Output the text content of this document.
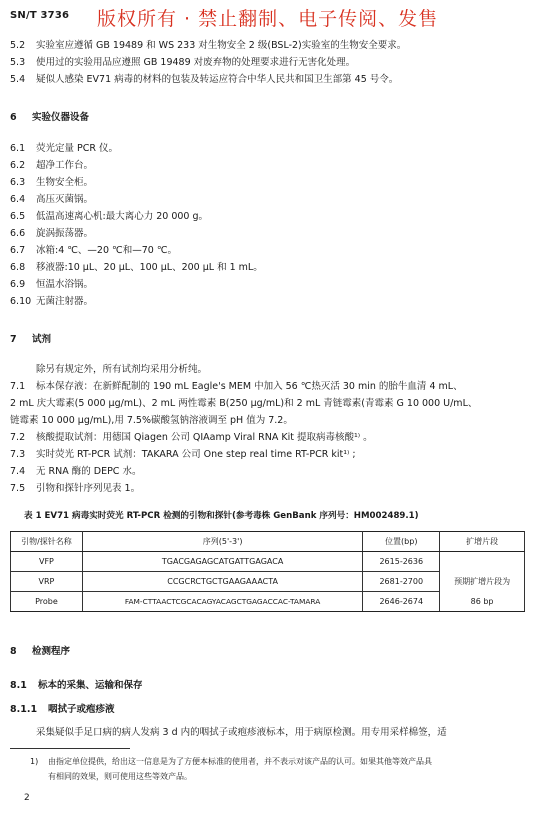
SN/T 3736 版权所有 · 禁止翻制、电子传阅、发售
5.2 实验室应遵循 GB 19489 和 WS 233 对生物安全 2 级(BSL-2)实验室的生物安全要求。
5.3 使用过的实验用品应遵照 GB 19489 对废弃物的处理要求进行无害化处理。
5.4 疑似人感染 EV71 病毒的材料的包装及转运应符合中华人民共和国卫生部第 45 号令。
6 实验仪器设备
6.1 荧光定量 PCR 仪。
6.2 超净工作台。
6.3 生物安全柜。
6.4 高压灭菌锅。
6.5 低温高速离心机:最大离心力 20 000 g。
6.6 旋涡振荡器。
6.7 冰箱:4 ℃、—20 ℃和—70 ℃。
6.8 移液器:10 μL、20 μL、100 μL、200 μL 和 1 mL。
6.9 恒温水浴锅。
6.10 无菌注射器。
7 试剂
除另有规定外，所有试剂均采用分析纯。
7.1 标本保存液：在新鲜配制的 190 mL Eagle's MEM 中加入 56 ℃热灭活 30 min 的胎牛血清 4 mL、
2 mL 庆大霉素(5 000 μg/mL)、2 mL 两性霉素 B(250 μg/mL)和 2 mL 青链霉素(青霉素 G 10 000 U/mL、
链霉素 10 000 μg/mL),用 7.5%碳酸氢钠溶液调至 pH 值为 7.2。
7.2 核酸提取试剂：用德国 Qiagen 公司 QIAamp Viral RNA Kit 提取病毒核酸¹⁾ 。
7.3 实时荧光 RT-PCR 试剂：TAKARA 公司 One step real time RT-PCR kit¹⁾ ;
7.4 无 RNA 酶的 DEPC 水。
7.5 引物和探针序列见表 1。
表 1 EV71 病毒实时荧光 RT-PCR 检测的引物和探针(参考毒株 GenBank 序列号：HM002489.1)
引物/探针名称	序列(5'-3')	位置(bp)	扩增片段
VFP	TGACGAGAGCATGATTGAGACA	2615-2636	
VRP	CCGCRCTGCTGAAGAAACTA	2681-2700	预期扩增片段为
Probe	FAM-CTTAACTCGCACAGYACAGCTGAGACCAC-TAMARA	2646-2674	86 bp
8 检测程序
8.1 标本的采集、运输和保存
8.1.1 咽拭子或疱疹液
采集疑似手足口病的病人发病 3 d 内的咽拭子或疱疹液标本，用于病原检测。用专用采样棉签，适
1) 由指定单位提供，给出这一信息是为了方便本标准的使用者，并不表示对该产品的认可。如果其他等效产品具
有相同的效果，则可使用这些等效产品。
2
